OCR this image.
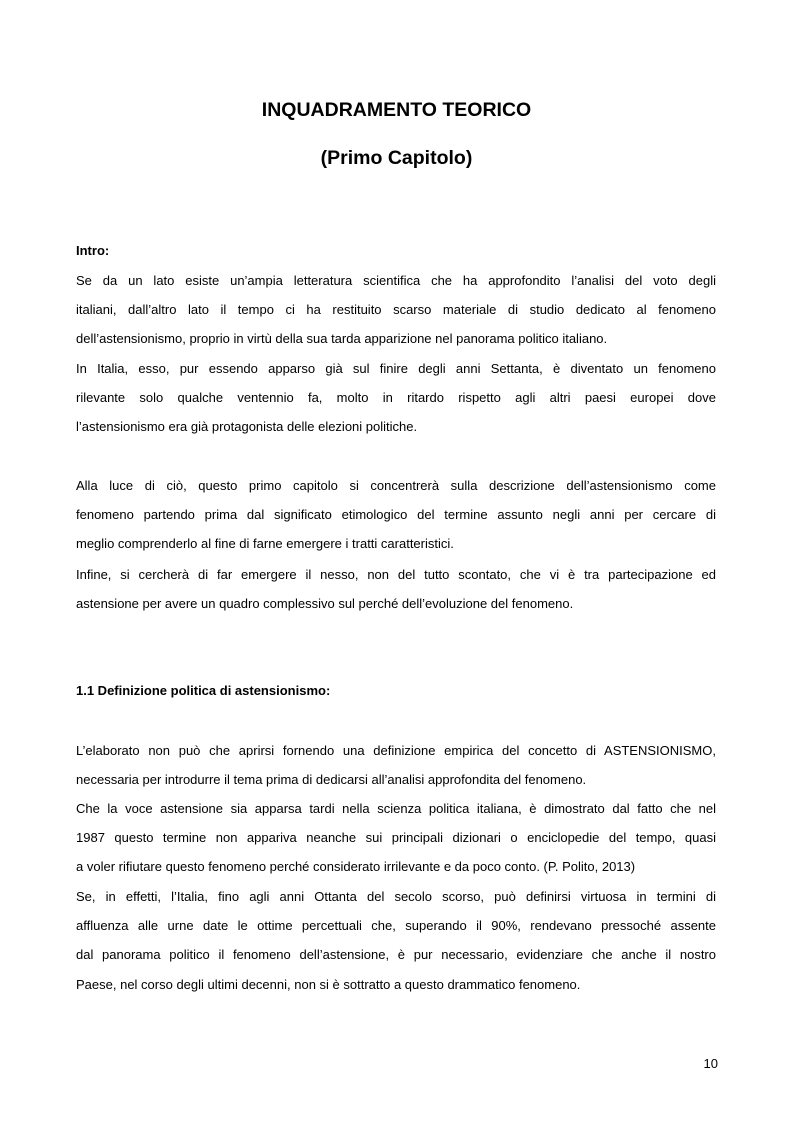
INQUADRAMENTO TEORICO
(Primo Capitolo)

Intro:

Se da un lato esiste un’ampia letteratura scientifica che ha approfondito l’analisi del voto degli
italiani, dall’altro lato il tempo ci ha restituito scarso materiale di studio dedicato al fenomeno
dell’astensionismo, proprio in virtù della sua tarda apparizione nel panorama politico italiano.
In Italia, esso, pur essendo apparso già sul finire degli anni Settanta, è diventato un fenomeno
rilevante solo qualche ventennio fa, molto in ritardo rispetto agli altri paesi europei dove
l’astensionismo era già protagonista delle elezioni politiche.
Alla luce di ciò, questo primo capitolo si concentrerà sulla descrizione dell’astensionismo come
fenomeno partendo prima dal significato etimologico del termine assunto negli anni per cercare di
meglio comprenderlo al fine di farne emergere i tratti caratteristici.
Infine, si cercherà di far emergere il nesso, non del tutto scontato, che vi è tra partecipazione ed
astensione per avere un quadro complessivo sul perché dell’evoluzione del fenomeno.

1.1 Definizione politica di astensionismo:

L’elaborato non può che aprirsi fornendo una definizione empirica del concetto di ASTENSIONISMO,
necessaria per introdurre il tema prima di dedicarsi all’analisi approfondita del fenomeno.
Che la voce astensione sia apparsa tardi nella scienza politica italiana, è dimostrato dal fatto che nel
1987 questo termine non appariva neanche sui principali dizionari o enciclopedie del tempo, quasi
a voler rifiutare questo fenomeno perché considerato irrilevante e da poco conto. (P. Polito, 2013)
Se, in effetti, l’Italia, fino agli anni Ottanta del secolo scorso, può definirsi virtuosa in termini di
affluenza alle urne date le ottime percettuali che, superando il 90%, rendevano pressoché assente
dal panorama politico il fenomeno dell’astensione, è pur necessario, evidenziare che anche il nostro
Paese, nel corso degli ultimi decenni, non si è sottratto a questo drammatico fenomeno.
10
